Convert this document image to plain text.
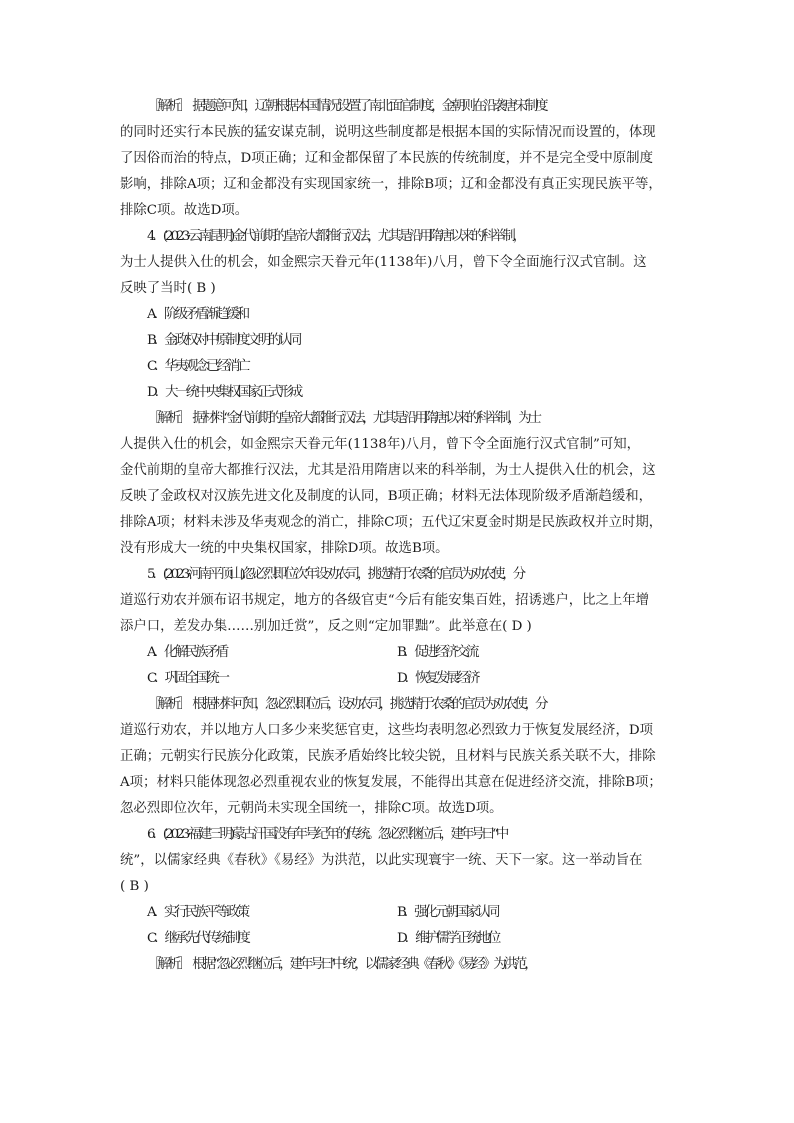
［解析］　据题意可知，辽朝根据本国情况设置了南北面官制度，金朝则在沿袭唐宋制度
的同时还实行本民族的猛安谋克制，说明这些制度都是根据本国的实际情况而设置的，体现
了因俗而治的特点，D项正确；辽和金都保留了本民族的传统制度，并不是完全受中原制度
影响，排除A项；辽和金都没有实现国家统一，排除B项；辽和金都没有真正实现民族平等，
排除C项。故选D项。
4．(2023·云南昆明)金代前期的皇帝大都推行汉法，尤其是沿用隋唐以来的科举制，
为士人提供入仕的机会，如金熙宗天眷元年(1138年)八月，曾下令全面施行汉式官制。这
反映了当时( B )
A．阶级矛盾渐趋缓和
B．金政权对中原制度文明的认同
C．华夷观念已经消亡
D．大一统中央集权国家正式形成
［解析］　据材料“金代前期的皇帝大都推行汉法，尤其是沿用隋唐以来的科举制，为士
人提供入仕的机会，如金熙宗天眷元年(1138年)八月，曾下令全面施行汉式官制”可知，
金代前期的皇帝大都推行汉法，尤其是沿用隋唐以来的科举制，为士人提供入仕的机会，这
反映了金政权对汉族先进文化及制度的认同，B项正确；材料无法体现阶级矛盾渐趋缓和，
排除A项；材料未涉及华夷观念的消亡，排除C项；五代辽宋夏金时期是民族政权并立时期，
没有形成大一统的中央集权国家，排除D项。故选B项。
5．(2023·河南平顶山)忽必烈即位次年设劝农司，挑选精于农桑的官员为劝农使，分
道巡行劝农并颁布诏书规定，地方的各级官吏“今后有能安集百姓，招诱逃户，比之上年增
添户口，差发办集……别加迁赏”，反之则“定加罪黜”。此举意在( D )
A．化解民族矛盾	B．促进经济交流
C．巩固全国统一	D．恢复发展经济
［解析］　根据材料可知，忽必烈即位后，设劝农司，挑选精于农桑的官员为劝农使，分
道巡行劝农，并以地方人口多少来奖惩官吏，这些均表明忽必烈致力于恢复发展经济，D项
正确；元朝实行民族分化政策，民族矛盾始终比较尖锐，且材料与民族关系关联不大，排除
A项；材料只能体现忽必烈重视农业的恢复发展，不能得出其意在促进经济交流，排除B项；
忽必烈即位次年，元朝尚未实现全国统一，排除C项。故选D项。
6．(2023·福建三明)蒙古汗国没有年号纪年的传统。忽必烈继位后，建年号曰“中
统”，以儒家经典《春秋》《易经》为洪范，以此实现寰宇一统、天下一家。这一举动旨在
( B )
A．实行民族平等政策	B．强化元朝国家认同
C．继承先代传统制度	D．维护儒学正统地位
［解析］　根据“忽必烈继位后，建年号曰‘中统’，以儒家经典《春秋》《易经》为洪范，
